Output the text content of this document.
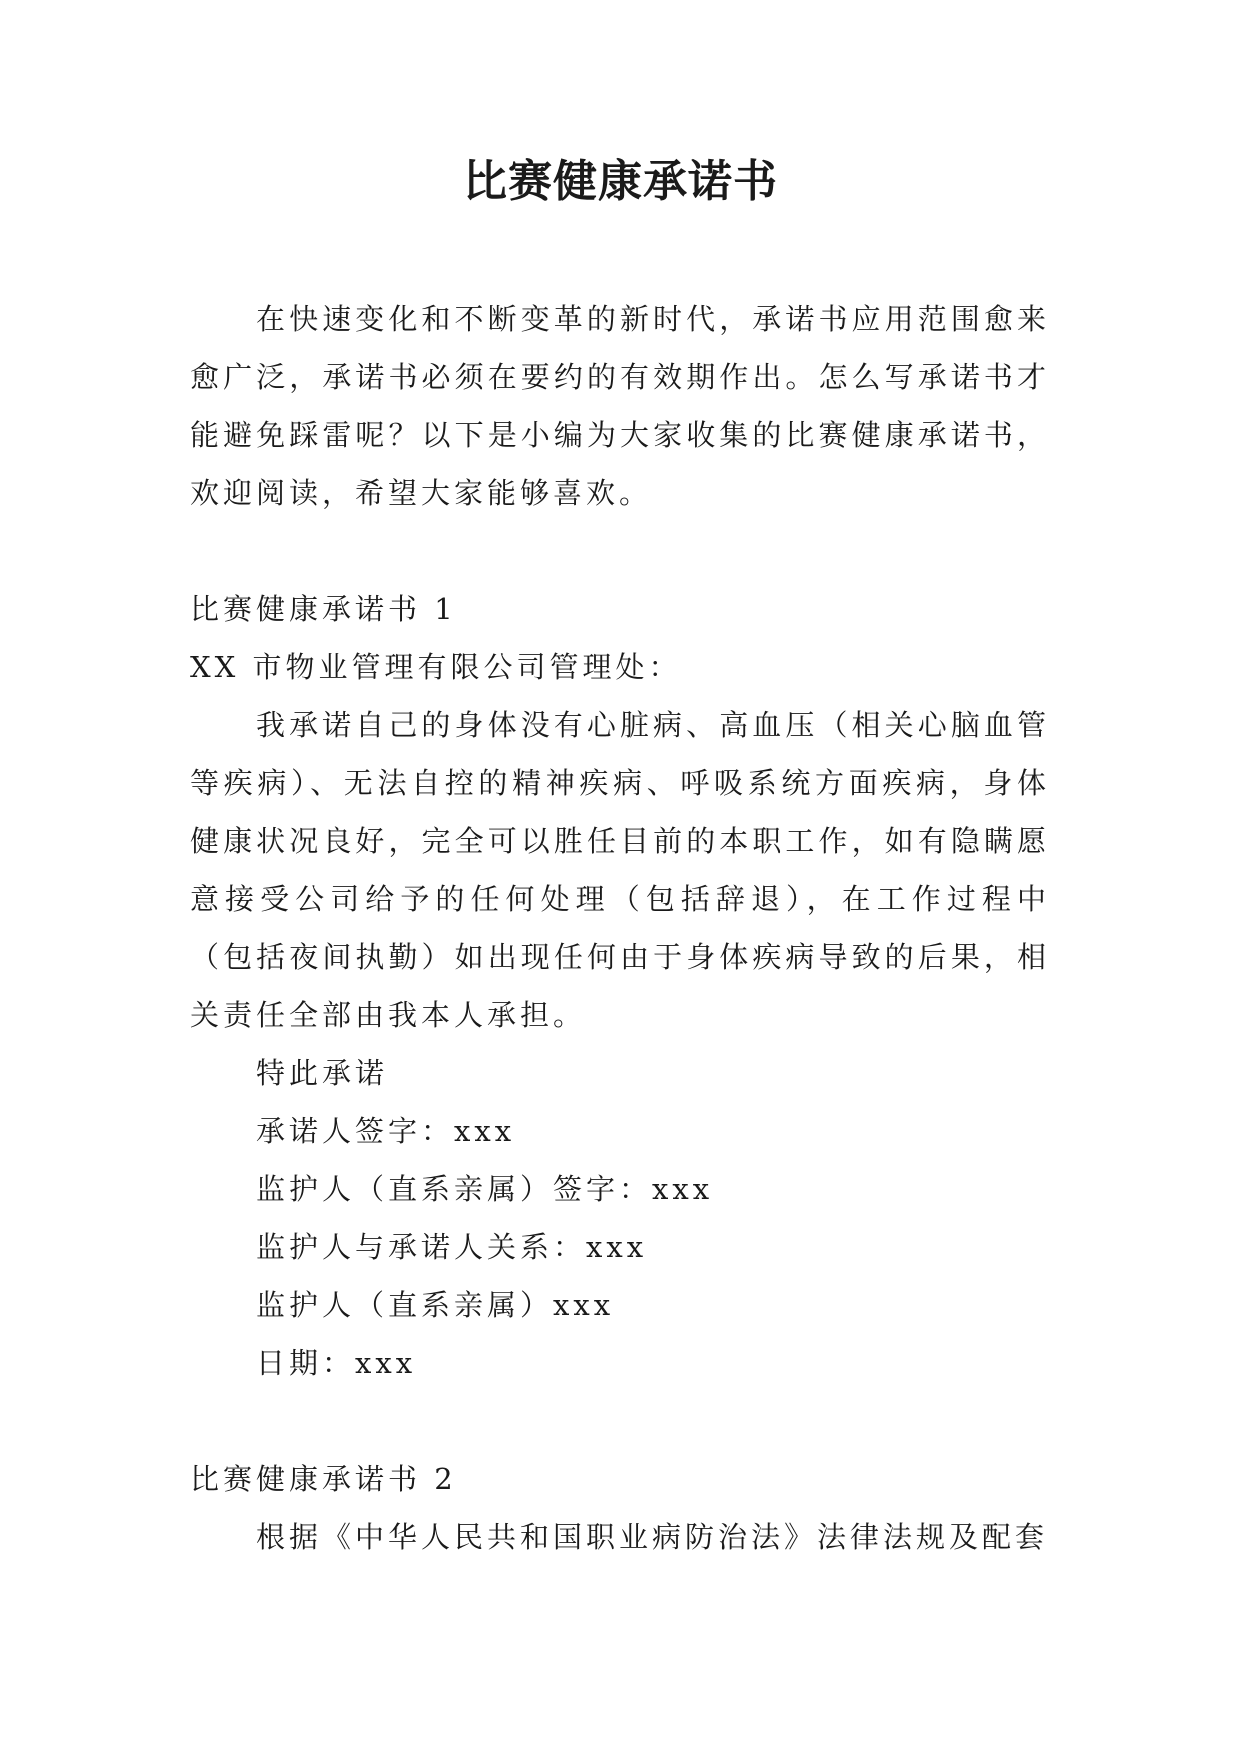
比赛健康承诺书

在快速变化和不断变革的新时代，承诺书应用范围愈来愈广泛，承诺书必须在要约的有效期作出。怎么写承诺书才能避免踩雷呢？以下是小编为大家收集的比赛健康承诺书，欢迎阅读，希望大家能够喜欢。

比赛健康承诺书 1

XX 市物业管理有限公司管理处：

我承诺自己的身体没有心脏病、高血压（相关心脑血管等疾病）、无法自控的精神疾病、呼吸系统方面疾病，身体健康状况良好，完全可以胜任目前的本职工作，如有隐瞒愿意接受公司给予的任何处理（包括辞退），在工作过程中（包括夜间执勤）如出现任何由于身体疾病导致的后果，相关责任全部由我本人承担。

特此承诺

承诺人签字：xxx

监护人（直系亲属）签字：xxx

监护人与承诺人关系：xxx

监护人（直系亲属）xxx

日期：xxx

比赛健康承诺书 2

根据《中华人民共和国职业病防治法》法律法规及配套
